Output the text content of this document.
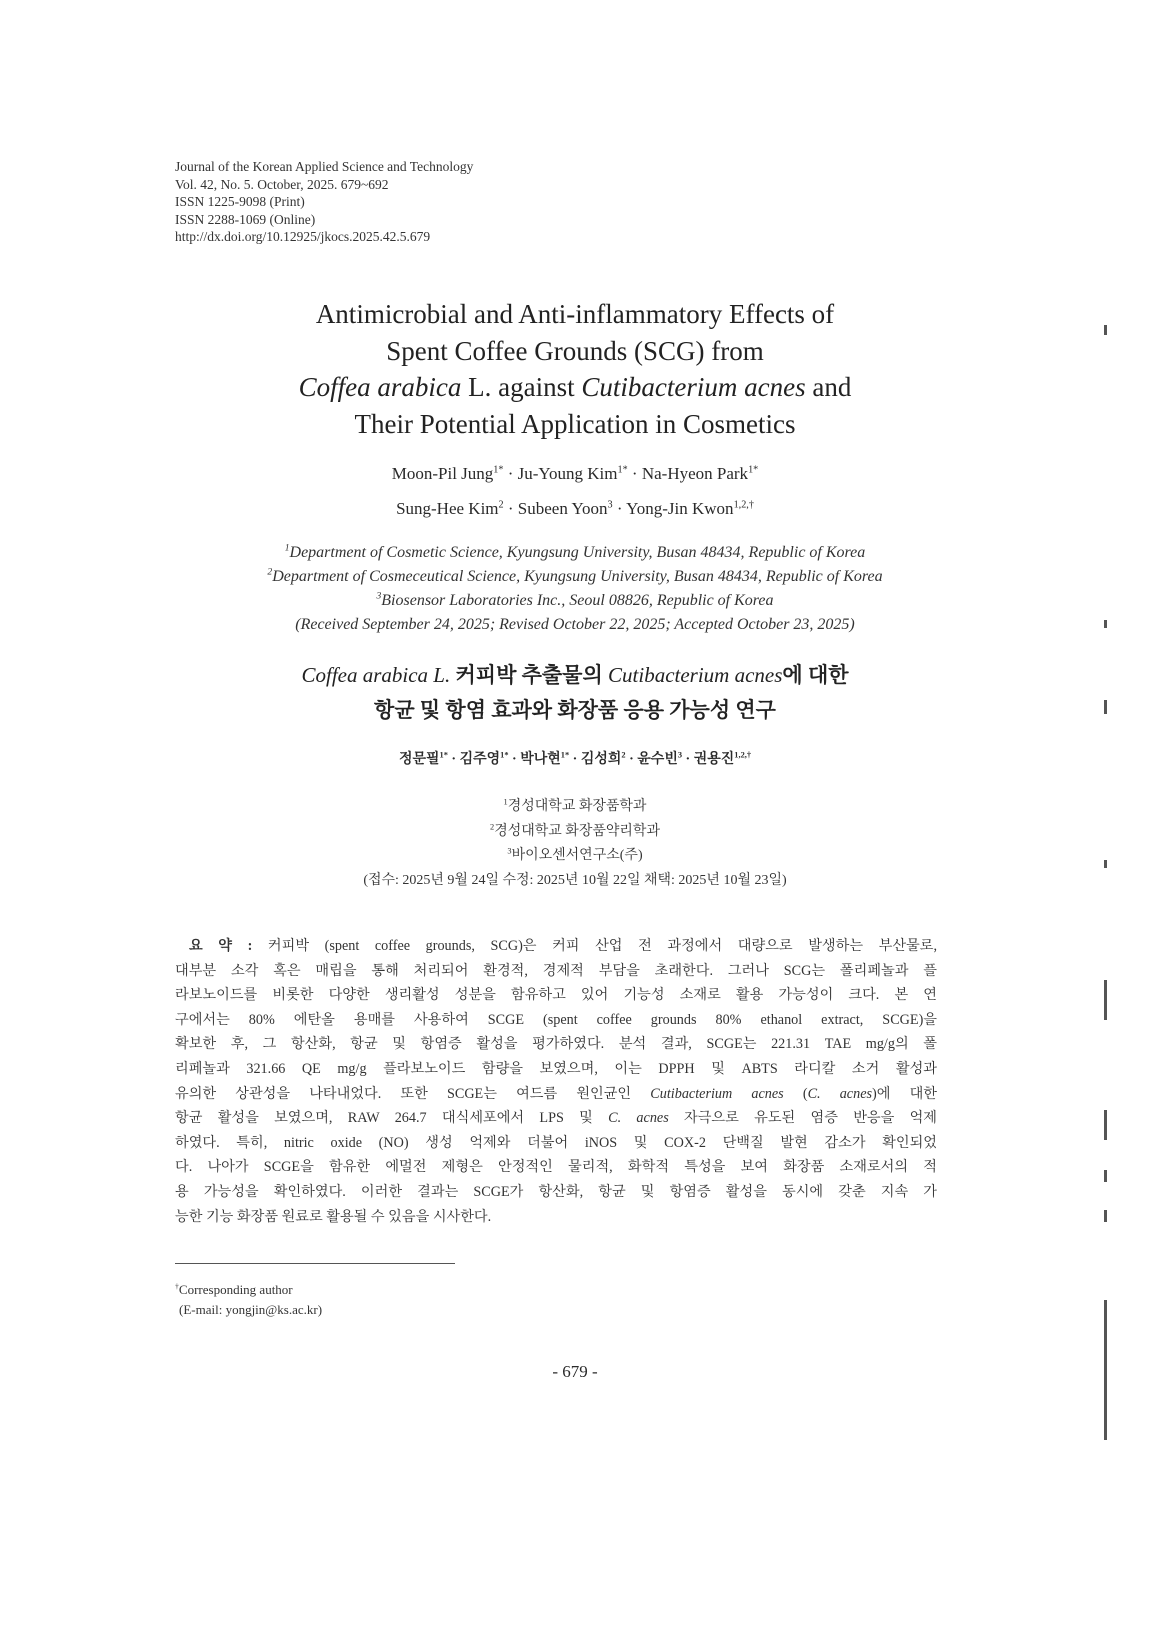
Journal of the Korean Applied Science and Technology
Vol. 42, No. 5. October, 2025. 679~692
ISSN 1225-9098 (Print)
ISSN 2288-1069 (Online)
http://dx.doi.org/10.12925/jkocs.2025.42.5.679
Antimicrobial and Anti-inflammatory Effects of
Spent Coffee Grounds (SCG) from
Coffea arabica L. against Cutibacterium acnes and
Their Potential Application in Cosmetics
Moon-Pil Jung$^{1*}$ · Ju-Young Kim$^{1*}$ · Na-Hyeon Park$^{1*}$
Sung-Hee Kim$^2$ · Subeen Yoon$^3$ · Yong-Jin Kwon$^{1,2,\dagger}$
$^1$Department of Cosmetic Science, Kyungsung University, Busan 48434, Republic of Korea
$^2$Department of Cosmeceutical Science, Kyungsung University, Busan 48434, Republic of Korea
$^3$Biosensor Laboratories Inc., Seoul 08826, Republic of Korea
(Received September 24, 2025; Revised October 22, 2025; Accepted October 23, 2025)
Coffea arabica L. 커피박 추출물의 Cutibacterium acnes에 대한
항균 및 항염 효과와 화장품 응용 가능성 연구
정문필$^{1*}$ · 김주영$^{1*}$ · 박나현$^{1*}$ · 김성희$^2$ · 윤수빈$^3$ · 권용진$^{1,2,\dagger}$
$^1$경성대학교 화장품학과
$^2$경성대학교 화장품약리학과
$^3$바이오센서연구소(주)
(접수: 2025년 9월 24일 수정: 2025년 10월 22일 채택: 2025년 10월 23일)
요 약 : 커피박 (spent coffee grounds, SCG)은 커피 산업 전 과정에서 대량으로 발생하는 부산물로,
대부분 소각 혹은 매립을 통해 처리되어 환경적, 경제적 부담을 초래한다. 그러나 SCG는 폴리페놀과 플
라보노이드를 비롯한 다양한 생리활성 성분을 함유하고 있어 기능성 소재로 활용 가능성이 크다. 본 연
구에서는 80% 에탄올 용매를 사용하여 SCGE (spent coffee grounds 80% ethanol extract, SCGE)을
확보한 후, 그 항산화, 항균 및 항염증 활성을 평가하였다. 분석 결과, SCGE는 221.31 TAE mg/g의 폴
리페놀과 321.66 QE mg/g 플라보노이드 함량을 보였으며, 이는 DPPH 및 ABTS 라디칼 소거 활성과
유의한 상관성을 나타내었다. 또한 SCGE는 여드름 원인균인 Cutibacterium acnes (C. acnes)에 대한
항균 활성을 보였으며, RAW 264.7 대식세포에서 LPS 및 C. acnes 자극으로 유도된 염증 반응을 억제
하였다. 특히, nitric oxide (NO) 생성 억제와 더불어 iNOS 및 COX-2 단백질 발현 감소가 확인되었
다. 나아가 SCGE을 함유한 에멀전 제형은 안정적인 물리적, 화학적 특성을 보여 화장품 소재로서의 적
용 가능성을 확인하였다. 이러한 결과는 SCGE가 항산화, 항균 및 항염증 활성을 동시에 갖춘 지속 가
능한 기능 화장품 원료로 활용될 수 있음을 시사한다.
†Corresponding author
(E-mail: yongjin@ks.ac.kr)
- 679 -
